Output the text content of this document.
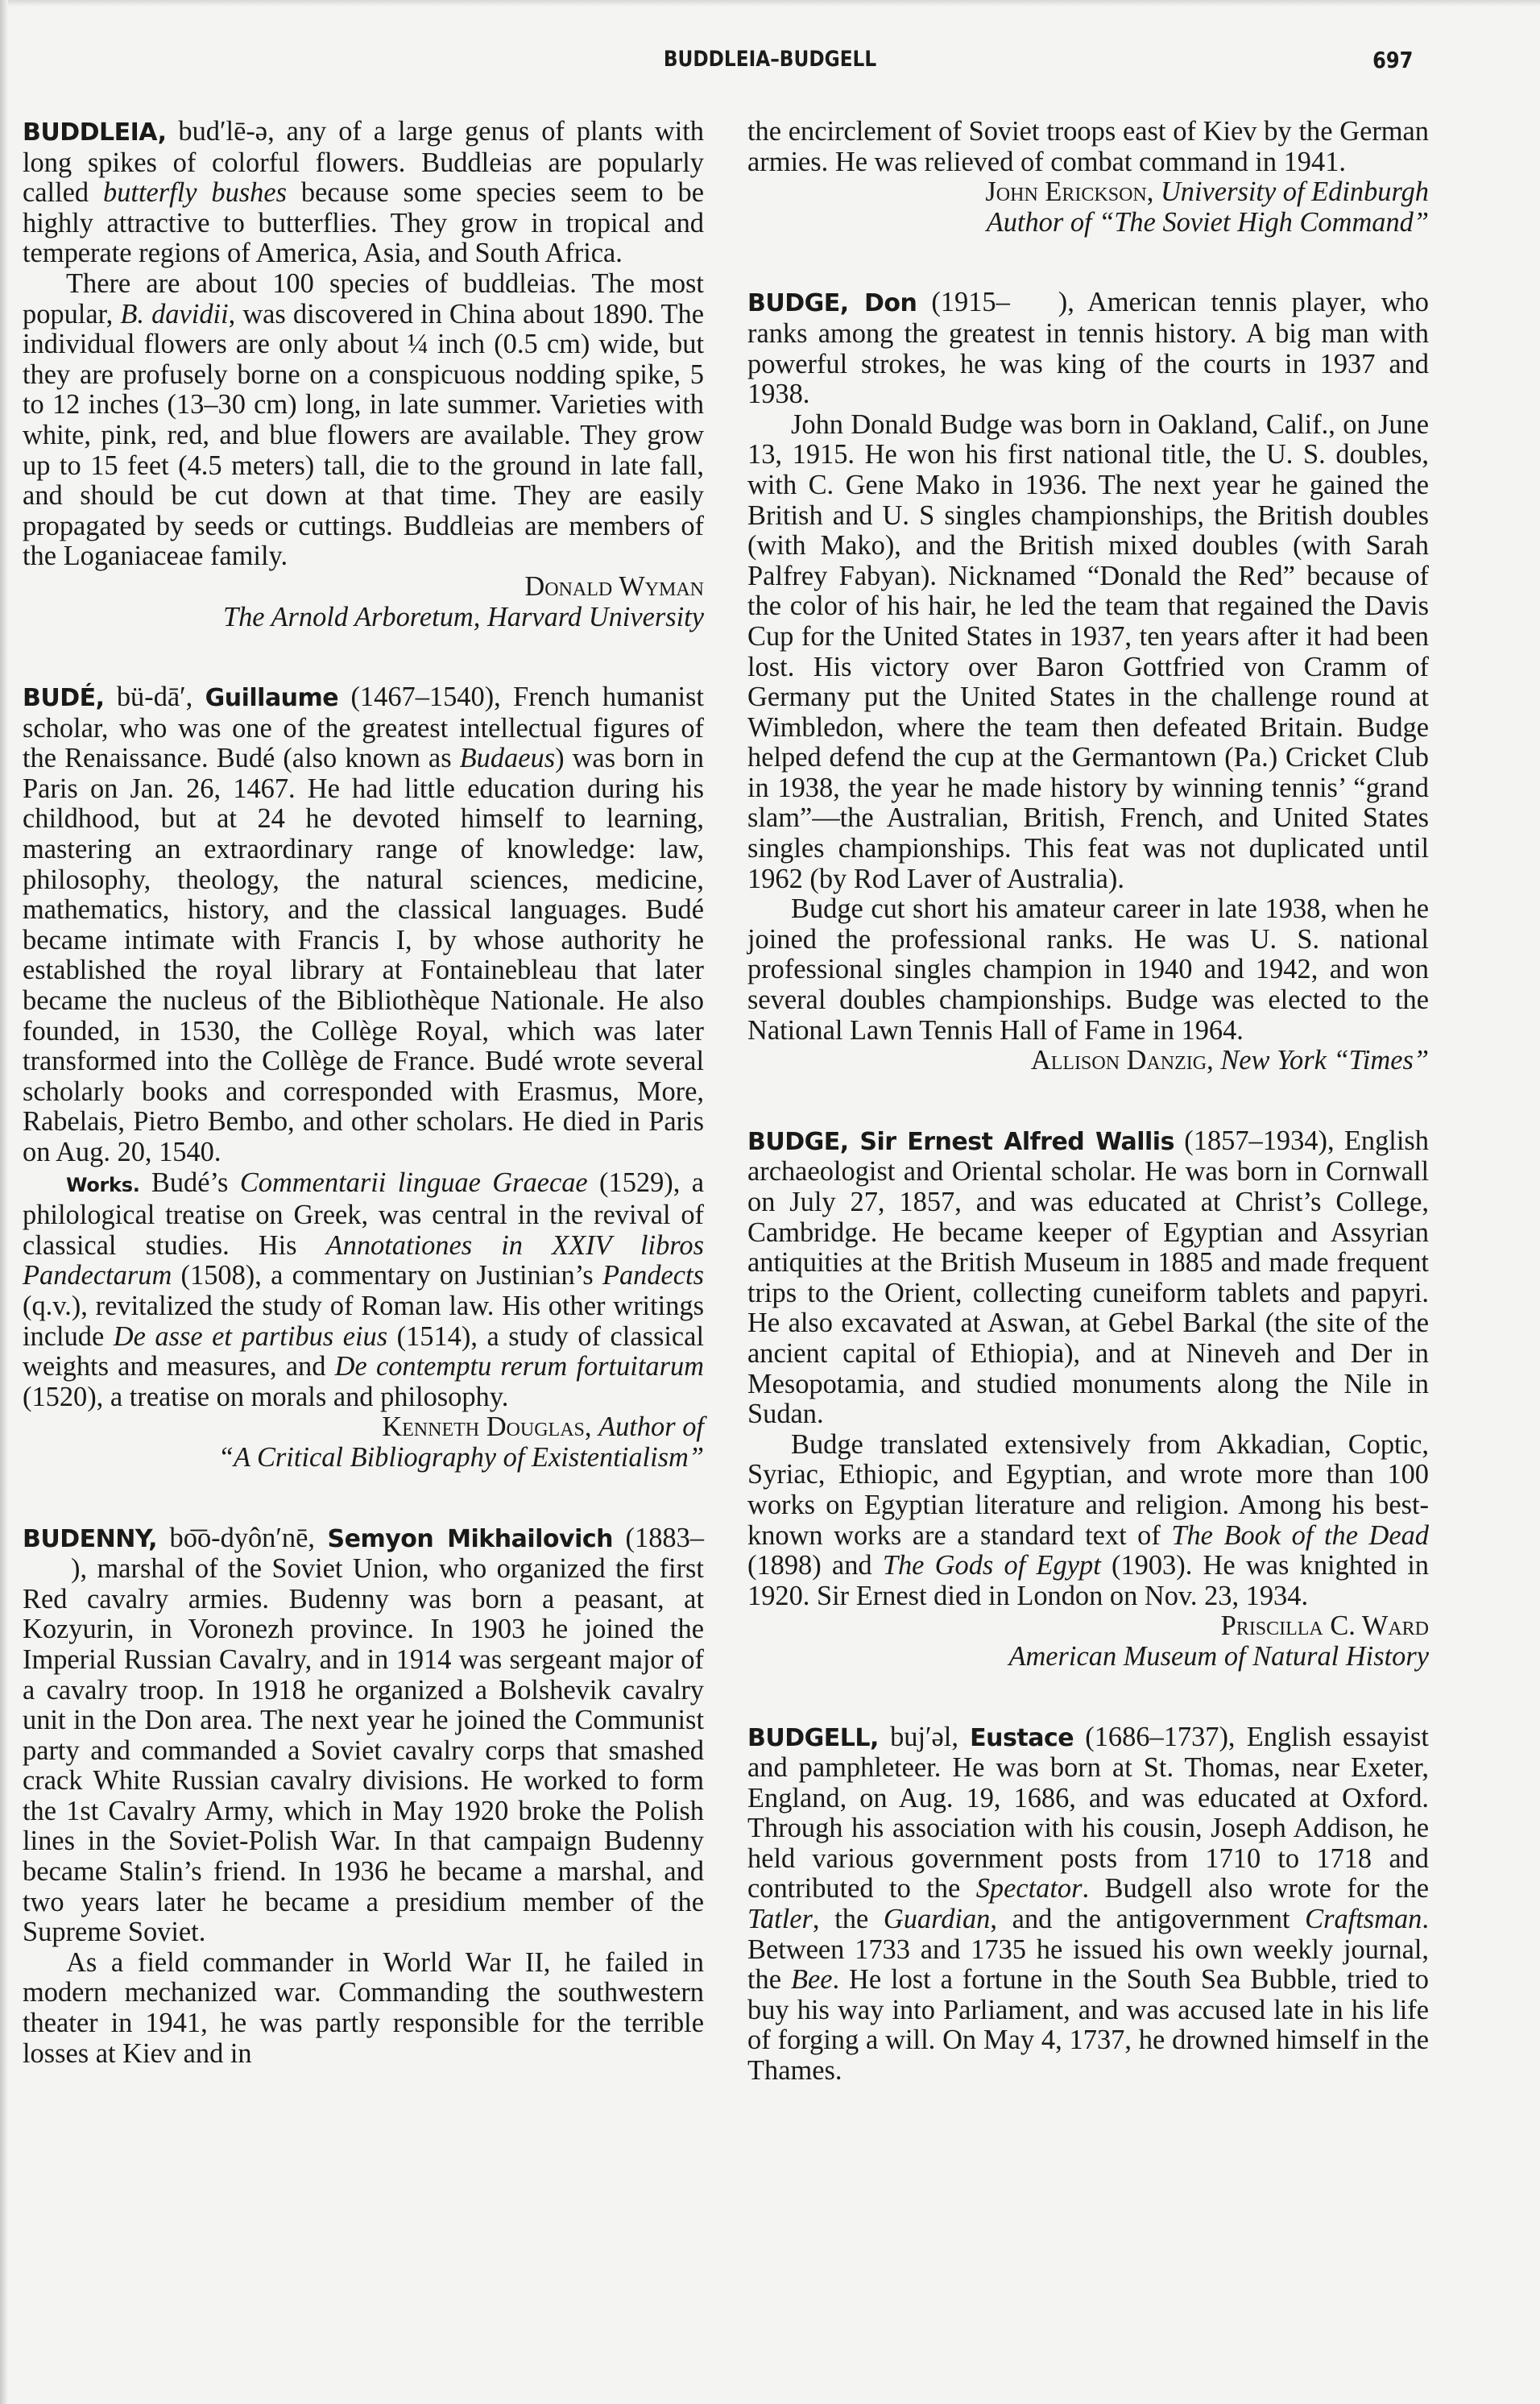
BUDDLEIA–BUDGELL	697

BUDDLEIA, bud′lē-ə, any of a large genus of plants with long spikes of colorful flowers. Buddleias are popularly called butterfly bushes because some species seem to be highly attractive to butterflies. They grow in tropical and temperate regions of America, Asia, and South Africa.

There are about 100 species of buddleias. The most popular, B. davidii, was discovered in China about 1890. The individual flowers are only about ¼ inch (0.5 cm) wide, but they are profusely borne on a conspicuous nodding spike, 5 to 12 inches (13–30 cm) long, in late summer. Varieties with white, pink, red, and blue flowers are available. They grow up to 15 feet (4.5 meters) tall, die to the ground in late fall, and should be cut down at that time. They are easily propagated by seeds or cuttings. Buddleias are members of the Loganiaceae family.

Donald Wyman

The Arnold Arboretum, Harvard University

BUDÉ, bü-dā′, Guillaume (1467–1540), French humanist scholar, who was one of the greatest intellectual figures of the Renaissance. Budé (also known as Budaeus) was born in Paris on Jan. 26, 1467. He had little education during his childhood, but at 24 he devoted himself to learning, mastering an extraordinary range of knowledge: law, philosophy, theology, the natural sciences, medicine, mathematics, history, and the classical languages. Budé became intimate with Francis I, by whose authority he established the royal library at Fontainebleau that later became the nucleus of the Bibliothèque Nationale. He also founded, in 1530, the Collège Royal, which was later transformed into the Collège de France. Budé wrote several scholarly books and corresponded with Erasmus, More, Rabelais, Pietro Bembo, and other scholars. He died in Paris on Aug. 20, 1540.

Works. Budé’s Commentarii linguae Graecae (1529), a philological treatise on Greek, was central in the revival of classical studies. His Annotationes in XXIV libros Pandectarum (1508), a commentary on Justinian’s Pandects (q.v.), revitalized the study of Roman law. His other writings include De asse et partibus eius (1514), a study of classical weights and measures, and De contemptu rerum fortuitarum (1520), a treatise on morals and philosophy.

Kenneth Douglas, Author of

“A Critical Bibliography of Existentialism”

BUDENNY, bo͞o-dyôn′nē, Semyon Mikhailovich (1883–), marshal of the Soviet Union, who organized the first Red cavalry armies. Budenny was born a peasant, at Kozyurin, in Voronezh province. In 1903 he joined the Imperial Russian Cavalry, and in 1914 was sergeant major of a cavalry troop. In 1918 he organized a Bolshevik cavalry unit in the Don area. The next year he joined the Communist party and commanded a Soviet cavalry corps that smashed crack White Russian cavalry divisions. He worked to form the 1st Cavalry Army, which in May 1920 broke the Polish lines in the Soviet-Polish War. In that campaign Budenny became Stalin’s friend. In 1936 he became a marshal, and two years later he became a presidium member of the Supreme Soviet.

As a field commander in World War II, he failed in modern mechanized war. Commanding the southwestern theater in 1941, he was partly responsible for the terrible losses at Kiev and in

the encirclement of Soviet troops east of Kiev by the German armies. He was relieved of combat command in 1941.

John Erickson, University of Edinburgh

Author of “The Soviet High Command”

BUDGE, Don (1915– ), American tennis player, who ranks among the greatest in tennis history. A big man with powerful strokes, he was king of the courts in 1937 and 1938.

John Donald Budge was born in Oakland, Calif., on June 13, 1915. He won his first national title, the U. S. doubles, with C. Gene Mako in 1936. The next year he gained the British and U. S singles championships, the British doubles (with Mako), and the British mixed doubles (with Sarah Palfrey Fabyan). Nicknamed “Donald the Red” because of the color of his hair, he led the team that regained the Davis Cup for the United States in 1937, ten years after it had been lost. His victory over Baron Gottfried von Cramm of Germany put the United States in the challenge round at Wimbledon, where the team then defeated Britain. Budge helped defend the cup at the Germantown (Pa.) Cricket Club in 1938, the year he made history by winning tennis’ “grand slam”—the Australian, British, French, and United States singles championships. This feat was not duplicated until 1962 (by Rod Laver of Australia).

Budge cut short his amateur career in late 1938, when he joined the professional ranks. He was U. S. national professional singles champion in 1940 and 1942, and won several doubles championships. Budge was elected to the National Lawn Tennis Hall of Fame in 1964.

Allison Danzig, New York “Times”

BUDGE, Sir Ernest Alfred Wallis (1857–1934), English archaeologist and Oriental scholar. He was born in Cornwall on July 27, 1857, and was educated at Christ’s College, Cambridge. He became keeper of Egyptian and Assyrian antiquities at the British Museum in 1885 and made frequent trips to the Orient, collecting cuneiform tablets and papyri. He also excavated at Aswan, at Gebel Barkal (the site of the ancient capital of Ethiopia), and at Nineveh and Der in Mesopotamia, and studied monuments along the Nile in Sudan.

Budge translated extensively from Akkadian, Coptic, Syriac, Ethiopic, and Egyptian, and wrote more than 100 works on Egyptian literature and religion. Among his best-known works are a standard text of The Book of the Dead (1898) and The Gods of Egypt (1903). He was knighted in 1920. Sir Ernest died in London on Nov. 23, 1934.

Priscilla C. Ward

American Museum of Natural History

BUDGELL, buj′əl, Eustace (1686–1737), English essayist and pamphleteer. He was born at St. Thomas, near Exeter, England, on Aug. 19, 1686, and was educated at Oxford. Through his association with his cousin, Joseph Addison, he held various government posts from 1710 to 1718 and contributed to the Spectator. Budgell also wrote for the Tatler, the Guardian, and the antigovernment Craftsman. Between 1733 and 1735 he issued his own weekly journal, the Bee. He lost a fortune in the South Sea Bubble, tried to buy his way into Parliament, and was accused late in his life of forging a will. On May 4, 1737, he drowned himself in the Thames.
